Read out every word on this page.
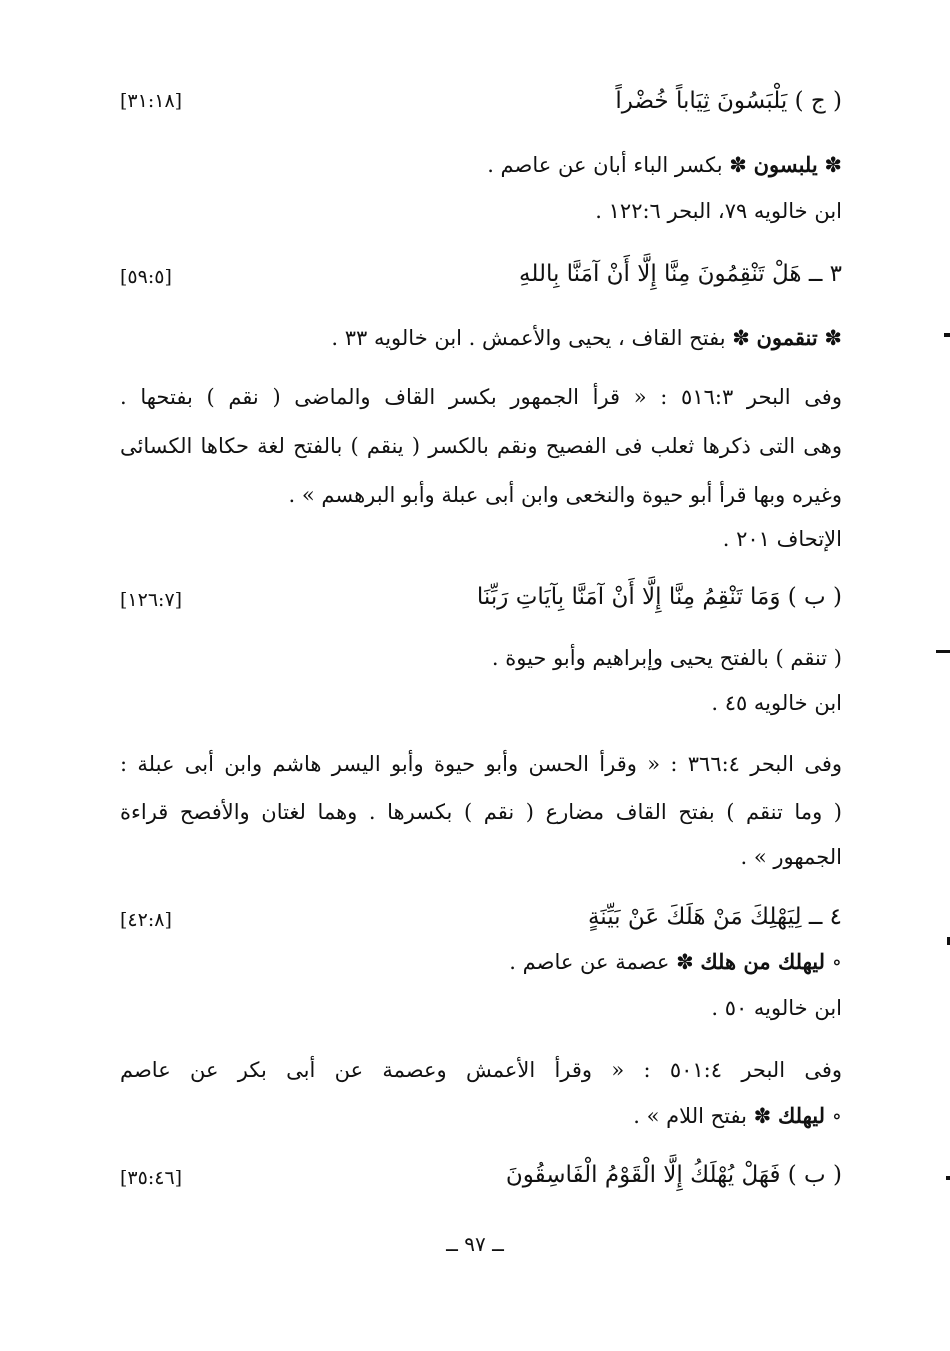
( ج ) يَلْبَسُونَ ثِيَاباً خُضْراً
[٣١:١٨]
✽ يلبسون ✽ بكسر الباء أبان عن عاصم .
ابن خالويه ٧٩، البحر ١٢٢:٦ .
٣ ــ هَلْ تَنْقِمُونَ مِنَّا إِلَّا أَنْ آمَنَّا بِاللهِ
[٥٩:٥]
✽ تنقمون ✽ بفتح القاف ، يحيى والأعمش . ابن خالويه ٣٣ .
وفى البحر ٥١٦:٣ : « قرأ الجمهور بكسر القاف والماضى ( نقم ) بفتحها .
وهى التى ذكرها ثعلب فى الفصيح ونقم بالكسر ( ينقم ) بالفتح لغة حكاها الكسائى
وغيره وبها قرأ أبو حيوة والنخعى وابن أبى عبلة وأبو البرهسم » .
الإتحاف ٢٠١ .
( ب ) وَمَا تَنْقِمُ مِنَّا إِلَّا أَنْ آمَنَّا بِآيَاتِ رَبِّنَا
[١٢٦:٧]
( تنقم ) بالفتح يحيى وإبراهيم وأبو حيوة .
ابن خالويه ٤٥ .
وفى البحر ٣٦٦:٤ : « وقرأ الحسن وأبو حيوة وأبو اليسر هاشم وابن أبى عبلة :
( وما تنقم ) بفتح القاف مضارع ( نقم ) بكسرها . وهما لغتان والأفصح قراءة
الجمهور » .
٤ ــ لِيَهْلِكَ مَنْ هَلَكَ عَنْ بَيِّنَةٍ
[٤٢:٨]
∘ ليهلك من هلك ✽ عصمة عن عاصم .
ابن خالويه ٥٠ .
وفى البحر ٥٠١:٤ : « وقرأ الأعمش وعصمة عن أبى بكر عن عاصم
∘ ليهلك ✽ بفتح اللام » .
( ب ) فَهَلْ يُهْلَكُ إِلَّا الْقَوْمُ الْفَاسِقُونَ
[٣٥:٤٦]
ــ ٩٧ ــ
